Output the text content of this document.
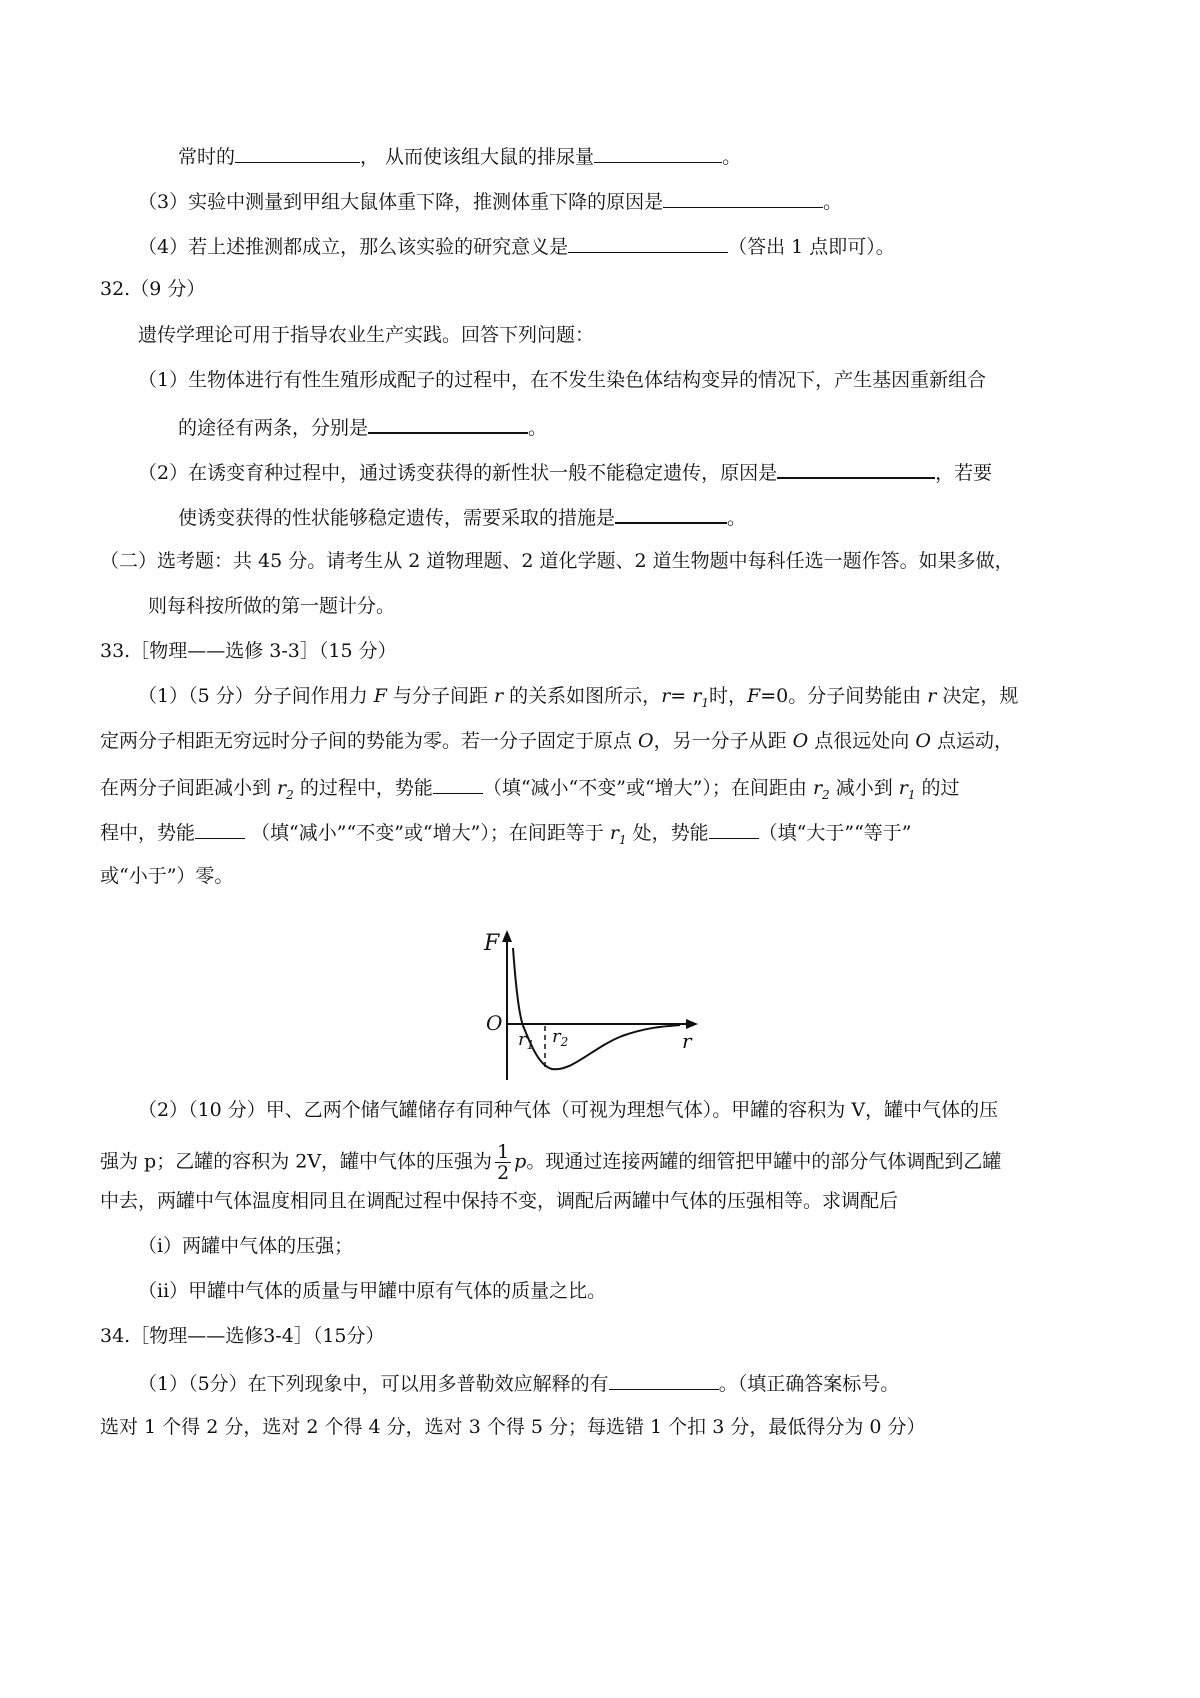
常时的	， 从而使该组大鼠的排尿量	。
（3）实验中测量到甲组大鼠体重下降，推测体重下降的原因是	。
（4）若上述推测都成立，那么该实验的研究意义是	（答出 1 点即可）。
32.（9 分）
遗传学理论可用于指导农业生产实践。回答下列问题：
（1）生物体进行有性生殖形成配子的过程中，在不发生染色体结构变异的情况下，产生基因重新组合
的途径有两条，分别是	。
（2）在诱变育种过程中，通过诱变获得的新性状一般不能稳定遗传，原因是	，若要
使诱变获得的性状能够稳定遗传，需要采取的措施是	。
（二）选考题：共 45 分。请考生从 2 道物理题、2 道化学题、2 道生物题中每科任选一题作答。如果多做，
则每科按所做的第一题计分。
33.［物理——选修 3-3］（15 分）
（1）（5 分）分子间作用力 F 与分子间距 r 的关系如图所示，$r= r_1$时，F=0。分子间势能由 r 决定，规
定两分子相距无穷远时分子间的势能为零。若一分子固定于原点 O，另一分子从距 O 点很远处向 O 点运动，
在两分子间距减小到 $r_2$ 的过程中，势能	（填“减小“不变”或“增大”）；在间距由 $r_2$ 减小到 $r_1$ 的过
程中，势能	（填“减小”“不变”或“增大”）；在间距等于 $r_1$ 处，势能	（填“大于”“等于”
或“小于”）零。
F
O
r
$r_1$ $r_2$
（2）（10 分）甲、乙两个储气罐储存有同种气体（可视为理想气体）。甲罐的容积为 V，罐中气体的压
强为 p；乙罐的容积为 2V，罐中气体的压强为 $\frac{1}{2}$ p。现通过连接两罐的细管把甲罐中的部分气体调配到乙罐
中去，两罐中气体温度相同且在调配过程中保持不变，调配后两罐中气体的压强相等。求调配后
（i）两罐中气体的压强；
（ii）甲罐中气体的质量与甲罐中原有气体的质量之比。
34.［物理——选修3-4］（15分）
（1）（5分）在下列现象中，可以用多普勒效应解释的有	。（填正确答案标号。
选对 1 个得 2 分，选对 2 个得 4 分，选对 3 个得 5 分；每选错 1 个扣 3 分，最低得分为 0 分）
